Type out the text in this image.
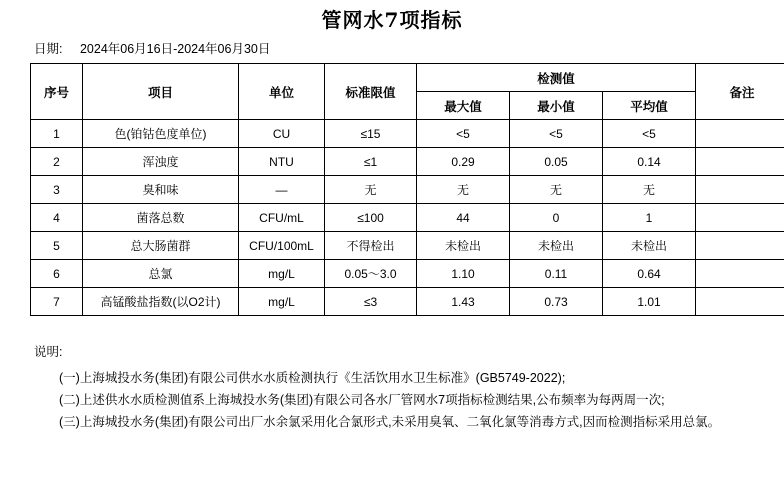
管网水7项指标
日期: 2024年06月16日-2024年06月30日
序号	项目	单位	标准限值	检测值			备注
				最大值	最小值	平均值	
1	色(铂钴色度单位)	CU	≤15	<5	<5	<5	
2	浑浊度	NTU	≤1	0.29	0.05	0.14	
3	臭和味	—	无	无	无	无	
4	菌落总数	CFU/mL	≤100	44	0	1	
5	总大肠菌群	CFU/100mL	不得检出	未检出	未检出	未检出	
6	总氯	mg/L	0.05～3.0	1.10	0.11	0.64	
7	高锰酸盐指数(以O2计)	mg/L	≤3	1.43	0.73	1.01	
说明:
(一)上海城投水务(集团)有限公司供水水质检测执行《生活饮用水卫生标准》(GB5749-2022);
(二)上述供水水质检测值系上海城投水务(集团)有限公司各水厂管网水7项指标检测结果,公布频率为每两周一次;
(三)上海城投水务(集团)有限公司出厂水余氯采用化合氯形式,未采用臭氧、二氧化氯等消毒方式,因而检测指标采用总氯。
